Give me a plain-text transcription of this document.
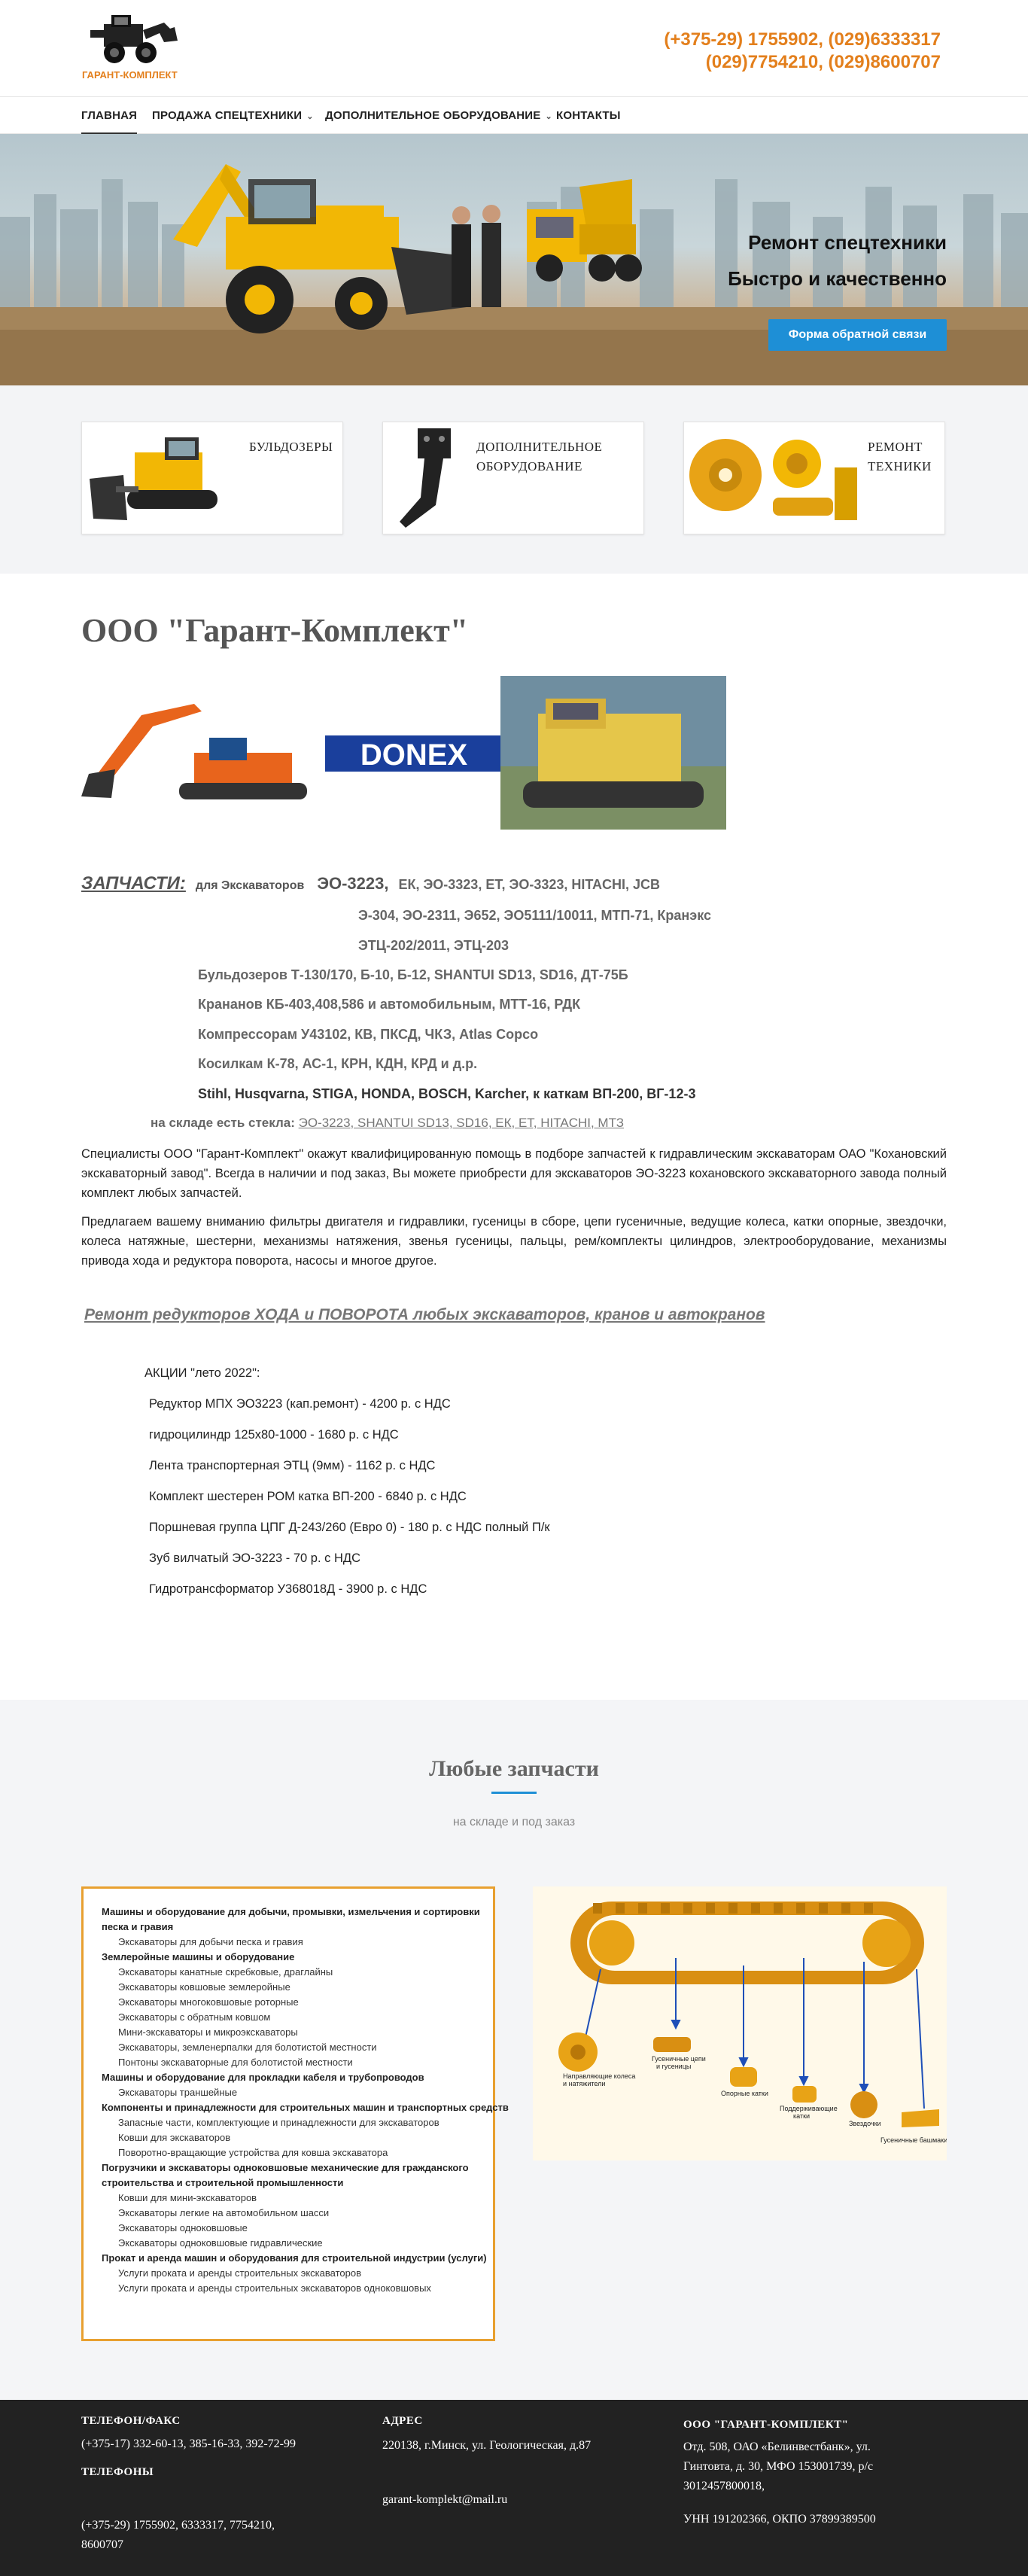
ГАРАНТ-КОМПЛЕКТ
(+375-29) 1755902, (029)6333317
(029)7754210, (029)8600707
ГЛАВНАЯ ПРОДАЖА СПЕЦТЕХНИКИ ⌄ ДОПОЛНИТЕЛЬНОЕ ОБОРУДОВАНИЕ ⌄ КОНТАКТЫ
Ремонт спецтехники
Быстро и качественно
Форма обратной связи
БУЛЬДОЗЕРЫ	ДОПОЛНИТЕЛЬНОЕ ОБОРУДОВАНИЕ
РЕМОНТ ТЕХНИКИ
ООО "Гарант-Комплект"
DONEX
ЗАПЧАСТИ: для Экскаваторов ЭО-3223, ЕК, ЭО-3323, ЕТ, ЭО-3323, HITACHI, JCB
Э-304, ЭО-2311, Э652, ЭО5111/10011, МТП-71, Кранэкс
ЭТЦ-202/2011, ЭТЦ-203
Бульдозеров Т-130/170, Б-10, Б-12, SHANTUI SD13, SD16, ДТ-75Б
Крананов КБ-403,408,586 и автомобильным, МТТ-16, РДК
Компрессорам У43102, КВ, ПКСД, ЧКЗ, Atlas Copco
Косилкам К-78, АС-1, КРН, КДН, КРД и д.р.
Stihl, Husqvarna, STIGA, HONDA, BOSCH, Karcher, к каткам ВП-200, ВГ-12-3
на складе есть стекла: ЭО-3223, SHANTUI SD13, SD16, ЕК, ЕТ, HITACHI, МТЗ
Специалисты ООО "Гарант-Комплект" окажут квалифицированную помощь в подборе запчастей к гидравлическим экскаваторам ОАО "Кохановский экскаваторный завод". Всегда в наличии и под заказ, Вы можете приобрести для экскаваторов ЭО-3223 кохановского экскаваторного завода полный комплект любых запчастей.
Предлагаем вашему вниманию фильтры двигателя и гидравлики, гусеницы в сборе, цепи гусеничные, ведущие колеса, катки опорные, звездочки, колеса натяжные, шестерни, механизмы натяжения, звенья гусеницы, пальцы, рем/комплекты цилиндров, электрооборудование, механизмы привода хода и редуктора поворота, насосы и многое другое.
Ремонт редукторов ХОДА и ПОВОРОТА любых экскаваторов, кранов и автокранов
АКЦИИ "лето 2022":
Редуктор МПХ ЭО3223 (кап.ремонт) - 4200 р. с НДС
гидроцилиндр 125х80-1000 - 1680 р. с НДС
Лента транспортерная ЭТЦ (9мм) - 1162 р. с НДС
Комплект шестерен РОМ катка ВП-200 - 6840 р. с НДС
Поршневая группа ЦПГ Д-243/260 (Евро 0) - 180 р. с НДС полный П/к
Зуб вилчатый ЭО-3223 - 70 р. с НДС
Гидротрансформатор У368018Д - 3900 р. с НДС
Любые запчасти
на складе и под заказ
Машины и оборудование для добычи, промывки, измельчения и сортировки
песка и гравия
Экскаваторы для добычи песка и гравия
Землеройные машины и оборудование
Экскаваторы канатные скребковые, драглайны
Экскаваторы ковшовые землеройные
Экскаваторы многоковшовые роторные
Экскаваторы с обратным ковшом
Мини-экскаваторы и микроэкскаваторы
Экскаваторы, земленерпалки для болотистой местности
Понтоны экскаваторные для болотистой местности
Машины и оборудование для прокладки кабеля и трубопроводов
Экскаваторы траншейные
Компоненты и принадлежности для строительных машин и транспортных средств
Запасные части, комплектующие и принадлежности для экскаваторов
Ковши для экскаваторов
Поворотно-вращающие устройства для ковша экскаватора
Погрузчики и экскаваторы одноковшовые механические для гражданского
строительства и строительной промышленности
Ковши для мини-экскаваторов
Экскаваторы легкие на автомобильном шасси
Экскаваторы одноковшовые
Экскаваторы одноковшовые гидравлические
Прокат и аренда машин и оборудования для строительной индустрии (услуги)
Услуги проката и аренды строительных экскаваторов
Услуги проката и аренды строительных экскаваторов одноковшовых
Направляющие колеса
и натяжители
Гусеничные цепи
и гусеницы
Опорные катки
Поддерживающие
катки
Звездочки
Гусеничные башмаки
ТЕЛЕФОН/ФАКС
(+375-17) 332-60-13, 385-16-33, 392-72-99
ТЕЛЕФОНЫ
(+375-29) 1755902, 6333317, 7754210,
8600707
АДРЕС
220138, г.Минск, ул. Геологическая, д.87
garant-komplekt@mail.ru
ООО "ГАРАНТ-КОМПЛЕКТ"
Отд. 508, ОАО «Белинвестбанк», ул.
Гинтовта, д. 30, МФО 153001739, р/с
3012457800018,
УНН 191202366, ОКПО 37899389500
